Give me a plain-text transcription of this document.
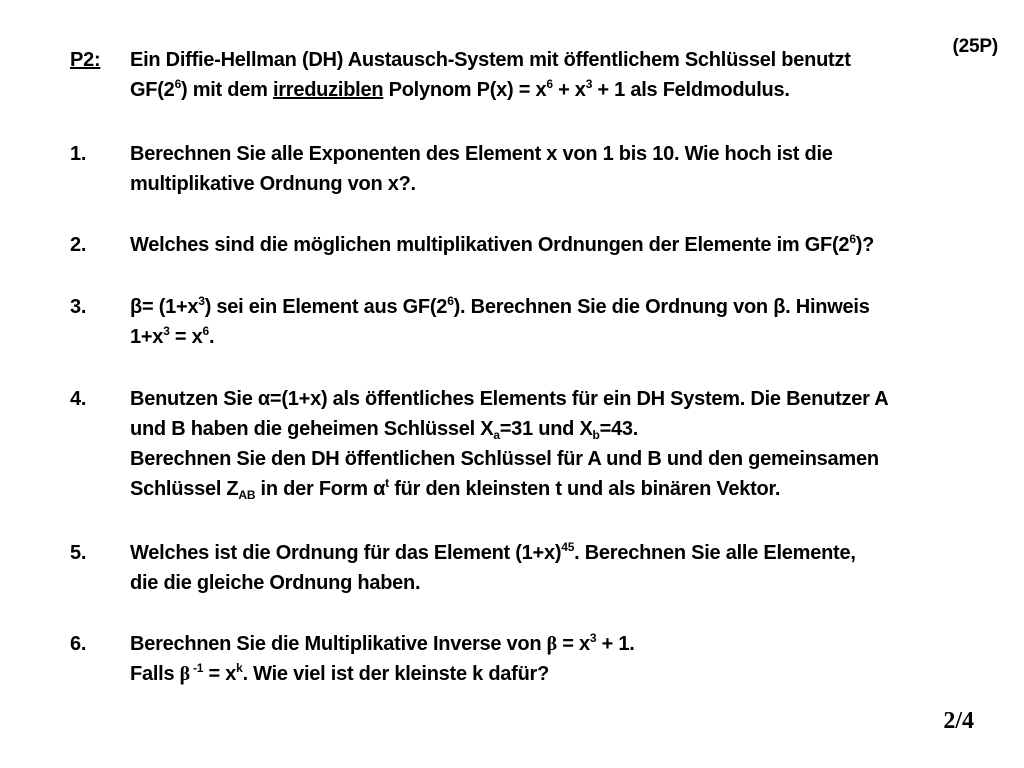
(25P)
P2: Ein Diffie-Hellman (DH) Austausch-System mit öffentlichem Schlüssel benutzt
$GF(2^6)$ mit dem irreduziblen Polynom $P(x) = x^6 + x^3 + 1$ als Feldmodulus.
1. Berechnen Sie alle Exponenten des Element x von 1 bis 10. Wie hoch ist die
multiplikative Ordnung von x?.
2. Welches sind die möglichen multiplikativen Ordnungen der Elemente im $GF(2^6)$?
3. $\beta= (1+x^3)$ sei ein Element aus $GF(2^6)$. Berechnen Sie die Ordnung von β. Hinweis
$1+x^3 = x^6$.
4. Benutzen Sie α=(1+x) als öffentliches Elements für ein DH System. Die Benutzer A
und B haben die geheimen Schlüssel $X_a=31$ und $X_b=43$.
Berechnen Sie den DH öffentlichen Schlüssel für A und B und den gemeinsamen
Schlüssel $Z_{AB}$ in der Form $\alpha^t$ für den kleinsten t und als binären Vektor.
5. Welches ist die Ordnung für das Element $(1+x)^{45}$. Berechnen Sie alle Elemente,
die die gleiche Ordnung haben.
6. Berechnen Sie die Multiplikative Inverse von $\beta = x^3 + 1$.
Falls β $^{-1} = x^k$. Wie viel ist der kleinste k dafür?
2/4
